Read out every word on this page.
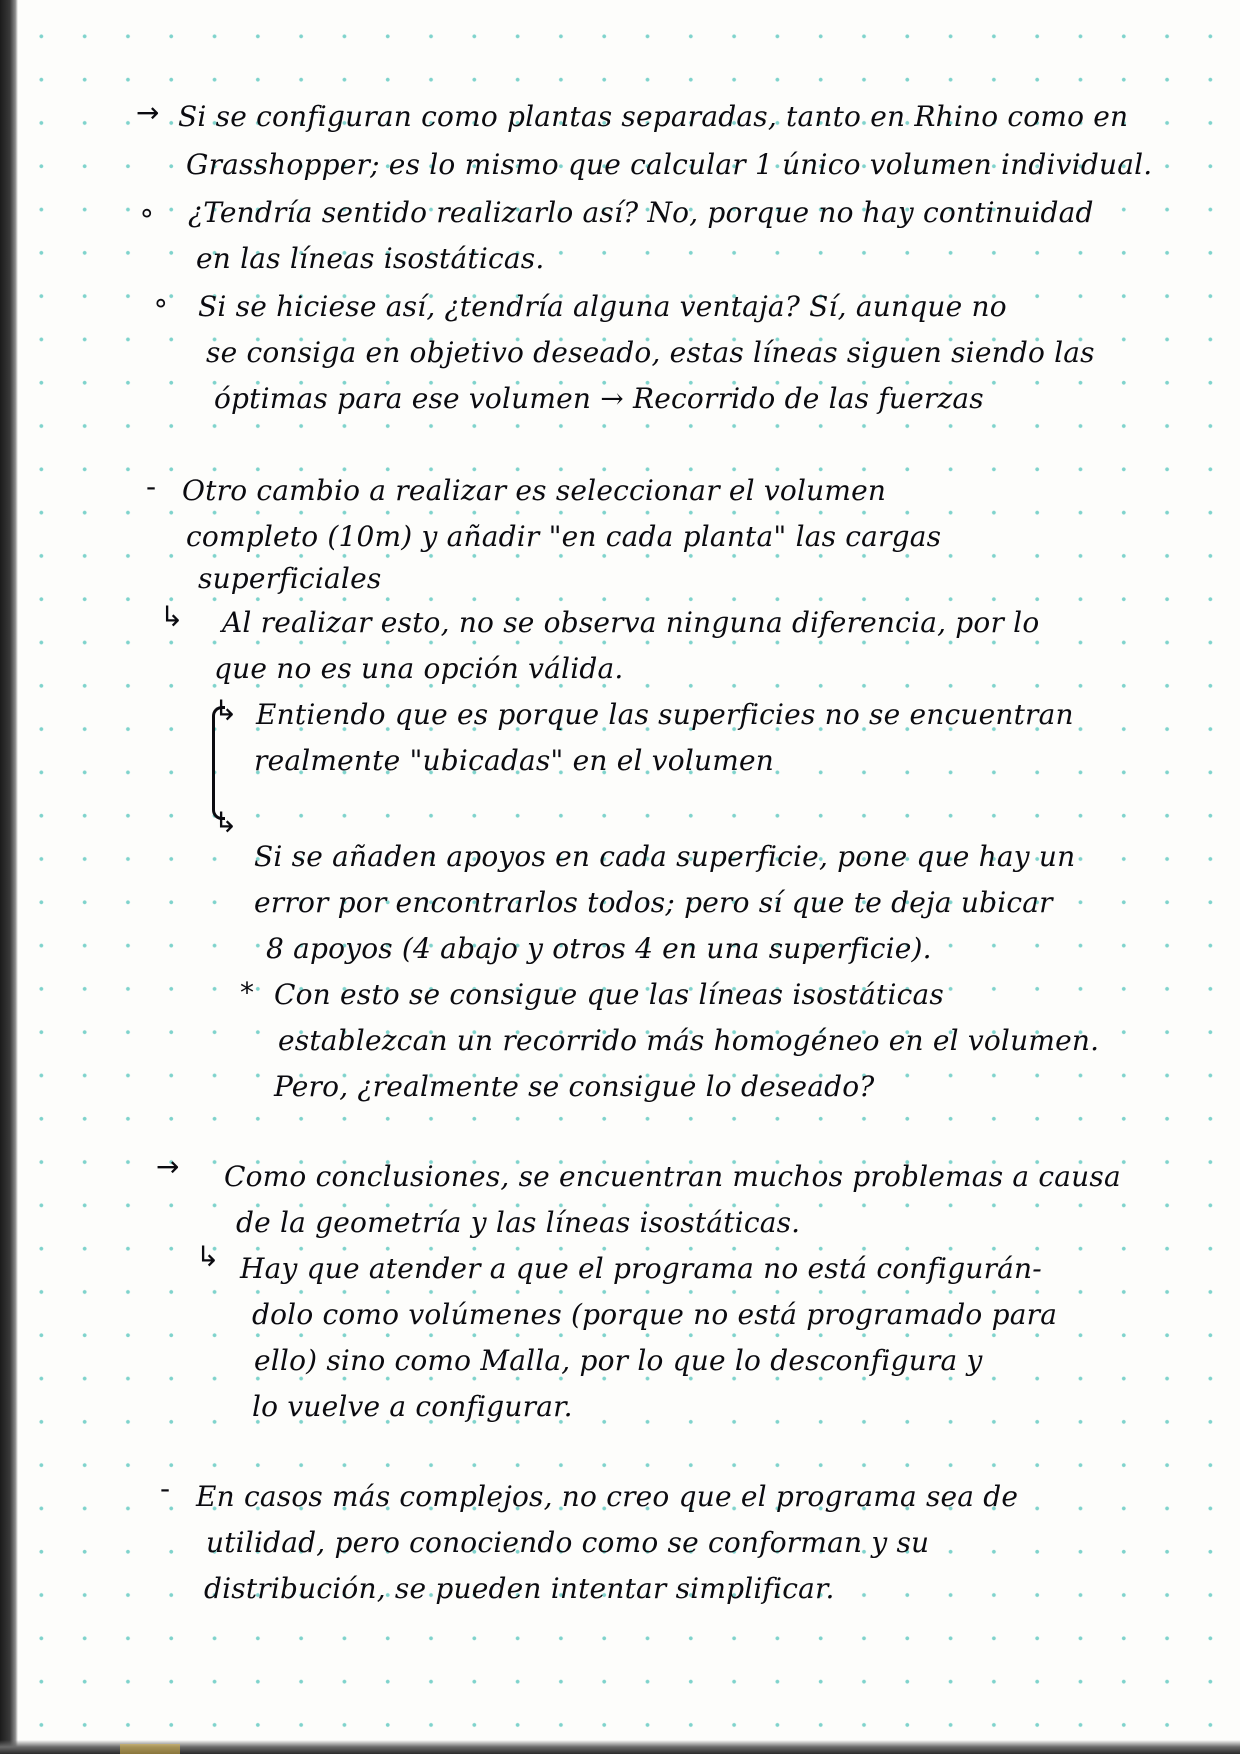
→ Si se configuran como plantas separadas, tanto en Rhino como en
Grasshopper; es lo mismo que calcular 1 único volumen individual.
∘ ¿Tendría sentido realizarlo así? No, porque no hay continuidad
en las líneas isostáticas.
∘ Si se hiciese así, ¿tendría alguna ventaja? Sí, aunque no
se consiga en objetivo deseado, estas líneas siguen siendo las
óptimas para ese volumen → Recorrido de las fuerzas
- Otro cambio a realizar es seleccionar el volumen
completo (10m) y añadir "en cada planta" las cargas
superficiales
↳ Al realizar esto, no se observa ninguna diferencia, por lo
que no es una opción válida.
↳ Entiendo que es porque las superficies no se encuentran
realmente "ubicadas" en el volumen
↳
Si se añaden apoyos en cada superficie, pone que hay un
error por encontrarlos todos; pero sí que te deja ubicar
8 apoyos (4 abajo y otros 4 en una superficie).
* Con esto se consigue que las líneas isostáticas
establezcan un recorrido más homogéneo en el volumen.
Pero, ¿realmente se consigue lo deseado?
→ Como conclusiones, se encuentran muchos problemas a causa
de la geometría y las líneas isostáticas.
↳ Hay que atender a que el programa no está configurán-
dolo como volúmenes (porque no está programado para
ello) sino como Malla, por lo que lo desconfigura y
lo vuelve a configurar.
- En casos más complejos, no creo que el programa sea de
utilidad, pero conociendo como se conforman y su
distribución, se pueden intentar simplificar.
